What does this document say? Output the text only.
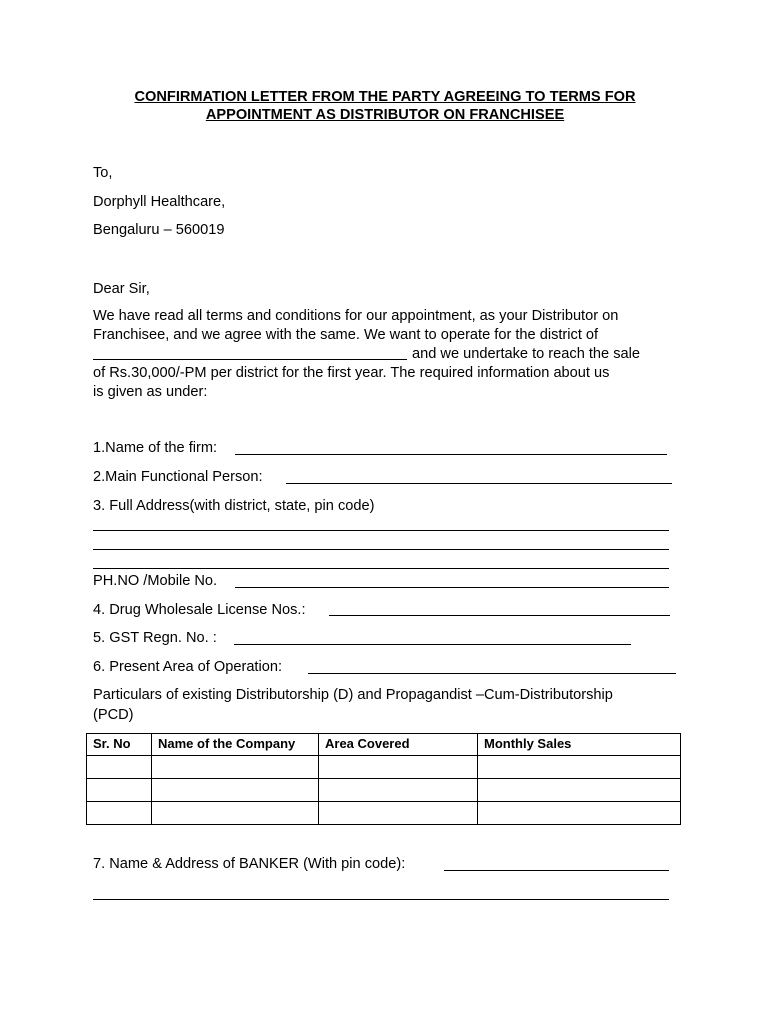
CONFIRMATION LETTER FROM THE PARTY AGREEING TO TERMS FOR
APPOINTMENT AS DISTRIBUTOR ON FRANCHISEE
To,
Dorphyll Healthcare,
Bengaluru – 560019
Dear Sir,
We have read all terms and conditions for our appointment, as your Distributor on
Franchisee, and we agree with the same. We want to operate for the district of
and we undertake to reach the sale
of Rs.30,000/-PM per district for the first year. The required information about us
is given as under:
1.Name of the firm:
2.Main Functional Person:
3. Full Address(with district, state, pin code)
PH.NO /Mobile No.
4. Drug Wholesale License Nos.:
5. GST Regn. No. :
6. Present Area of Operation:
Particulars of existing Distributorship (D) and Propagandist –Cum-Distributorship
(PCD)
Sr. No	Name of the Company	Area Covered	Monthly Sales

7. Name & Address of BANKER (With pin code):
